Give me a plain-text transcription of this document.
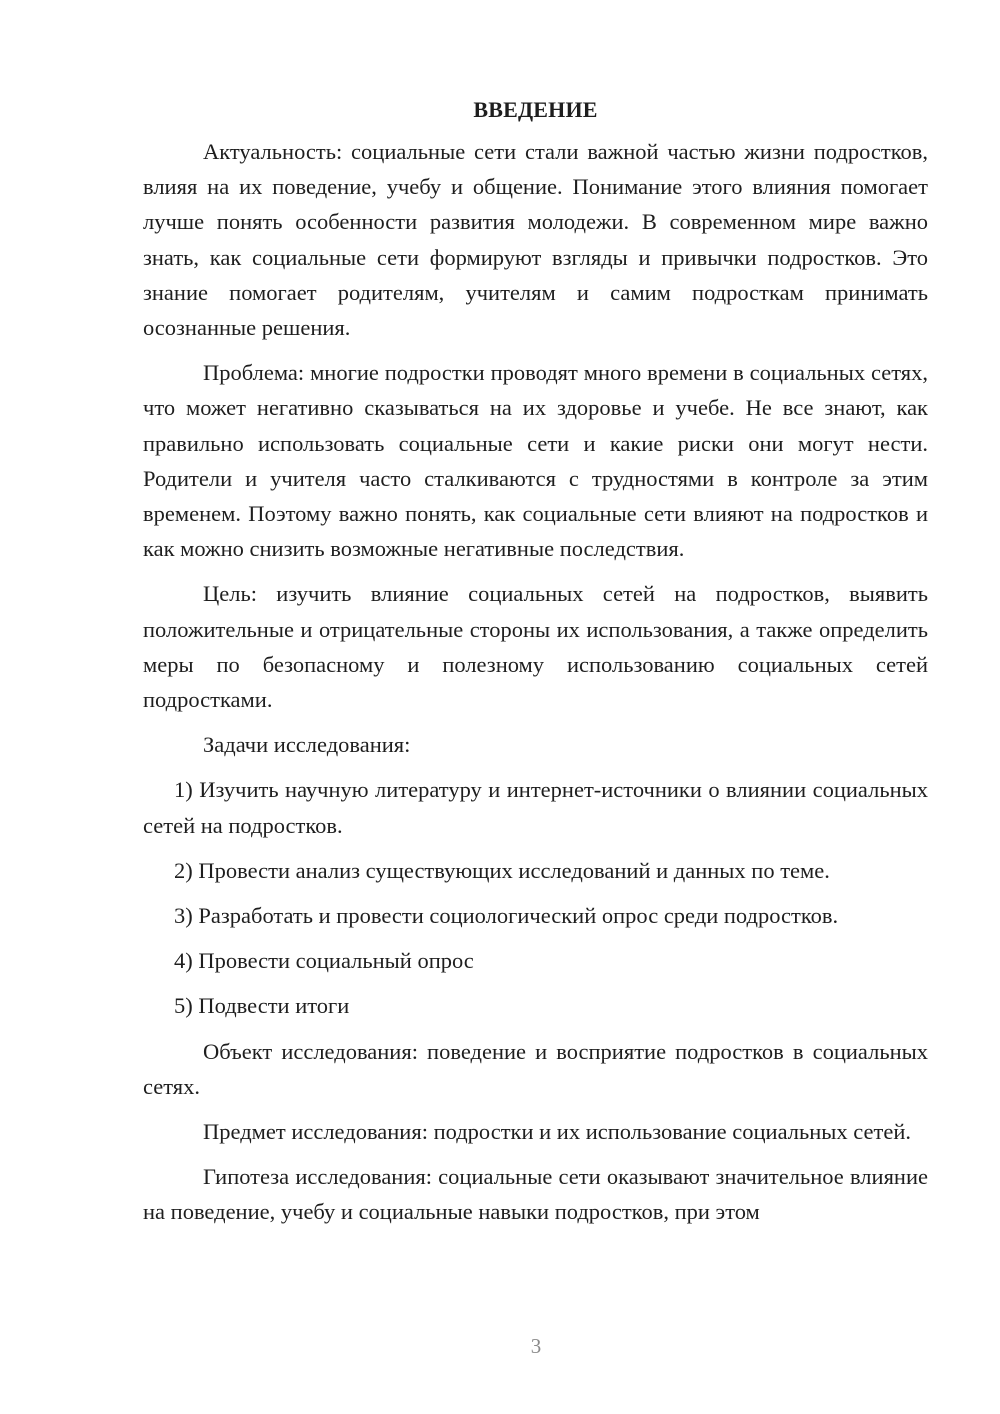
ВВЕДЕНИЕ

Актуальность: социальные сети стали важной частью жизни подростков, влияя на их поведение, учебу и общение. Понимание этого влияния помогает лучше понять особенности развития молодежи. В современном мире важно знать, как социальные сети формируют взгляды и привычки подростков. Это знание помогает родителям, учителям и самим подросткам принимать осознанные решения.

Проблема: многие подростки проводят много времени в социальных сетях, что может негативно сказываться на их здоровье и учебе. Не все знают, как правильно использовать социальные сети и какие риски они могут нести. Родители и учителя часто сталкиваются с трудностями в контроле за этим временем. Поэтому важно понять, как социальные сети влияют на подростков и как можно снизить возможные негативные последствия.

Цель: изучить влияние социальных сетей на подростков, выявить положительные и отрицательные стороны их использования, а также определить меры по безопасному и полезному использованию социальных сетей подростками.

Задачи исследования:

1) Изучить научную литературу и интернет-источники о влиянии социальных сетей на подростков.

2) Провести анализ существующих исследований и данных по теме.

3) Разработать и провести социологический опрос среди подростков.

4) Провести социальный опрос

5) Подвести итоги

Объект исследования: поведение и восприятие подростков в социальных сетях.

Предмет исследования: подростки и их использование социальных сетей.

Гипотеза исследования: социальные сети оказывают значительное влияние на поведение, учебу и социальные навыки подростков, при этом

3
